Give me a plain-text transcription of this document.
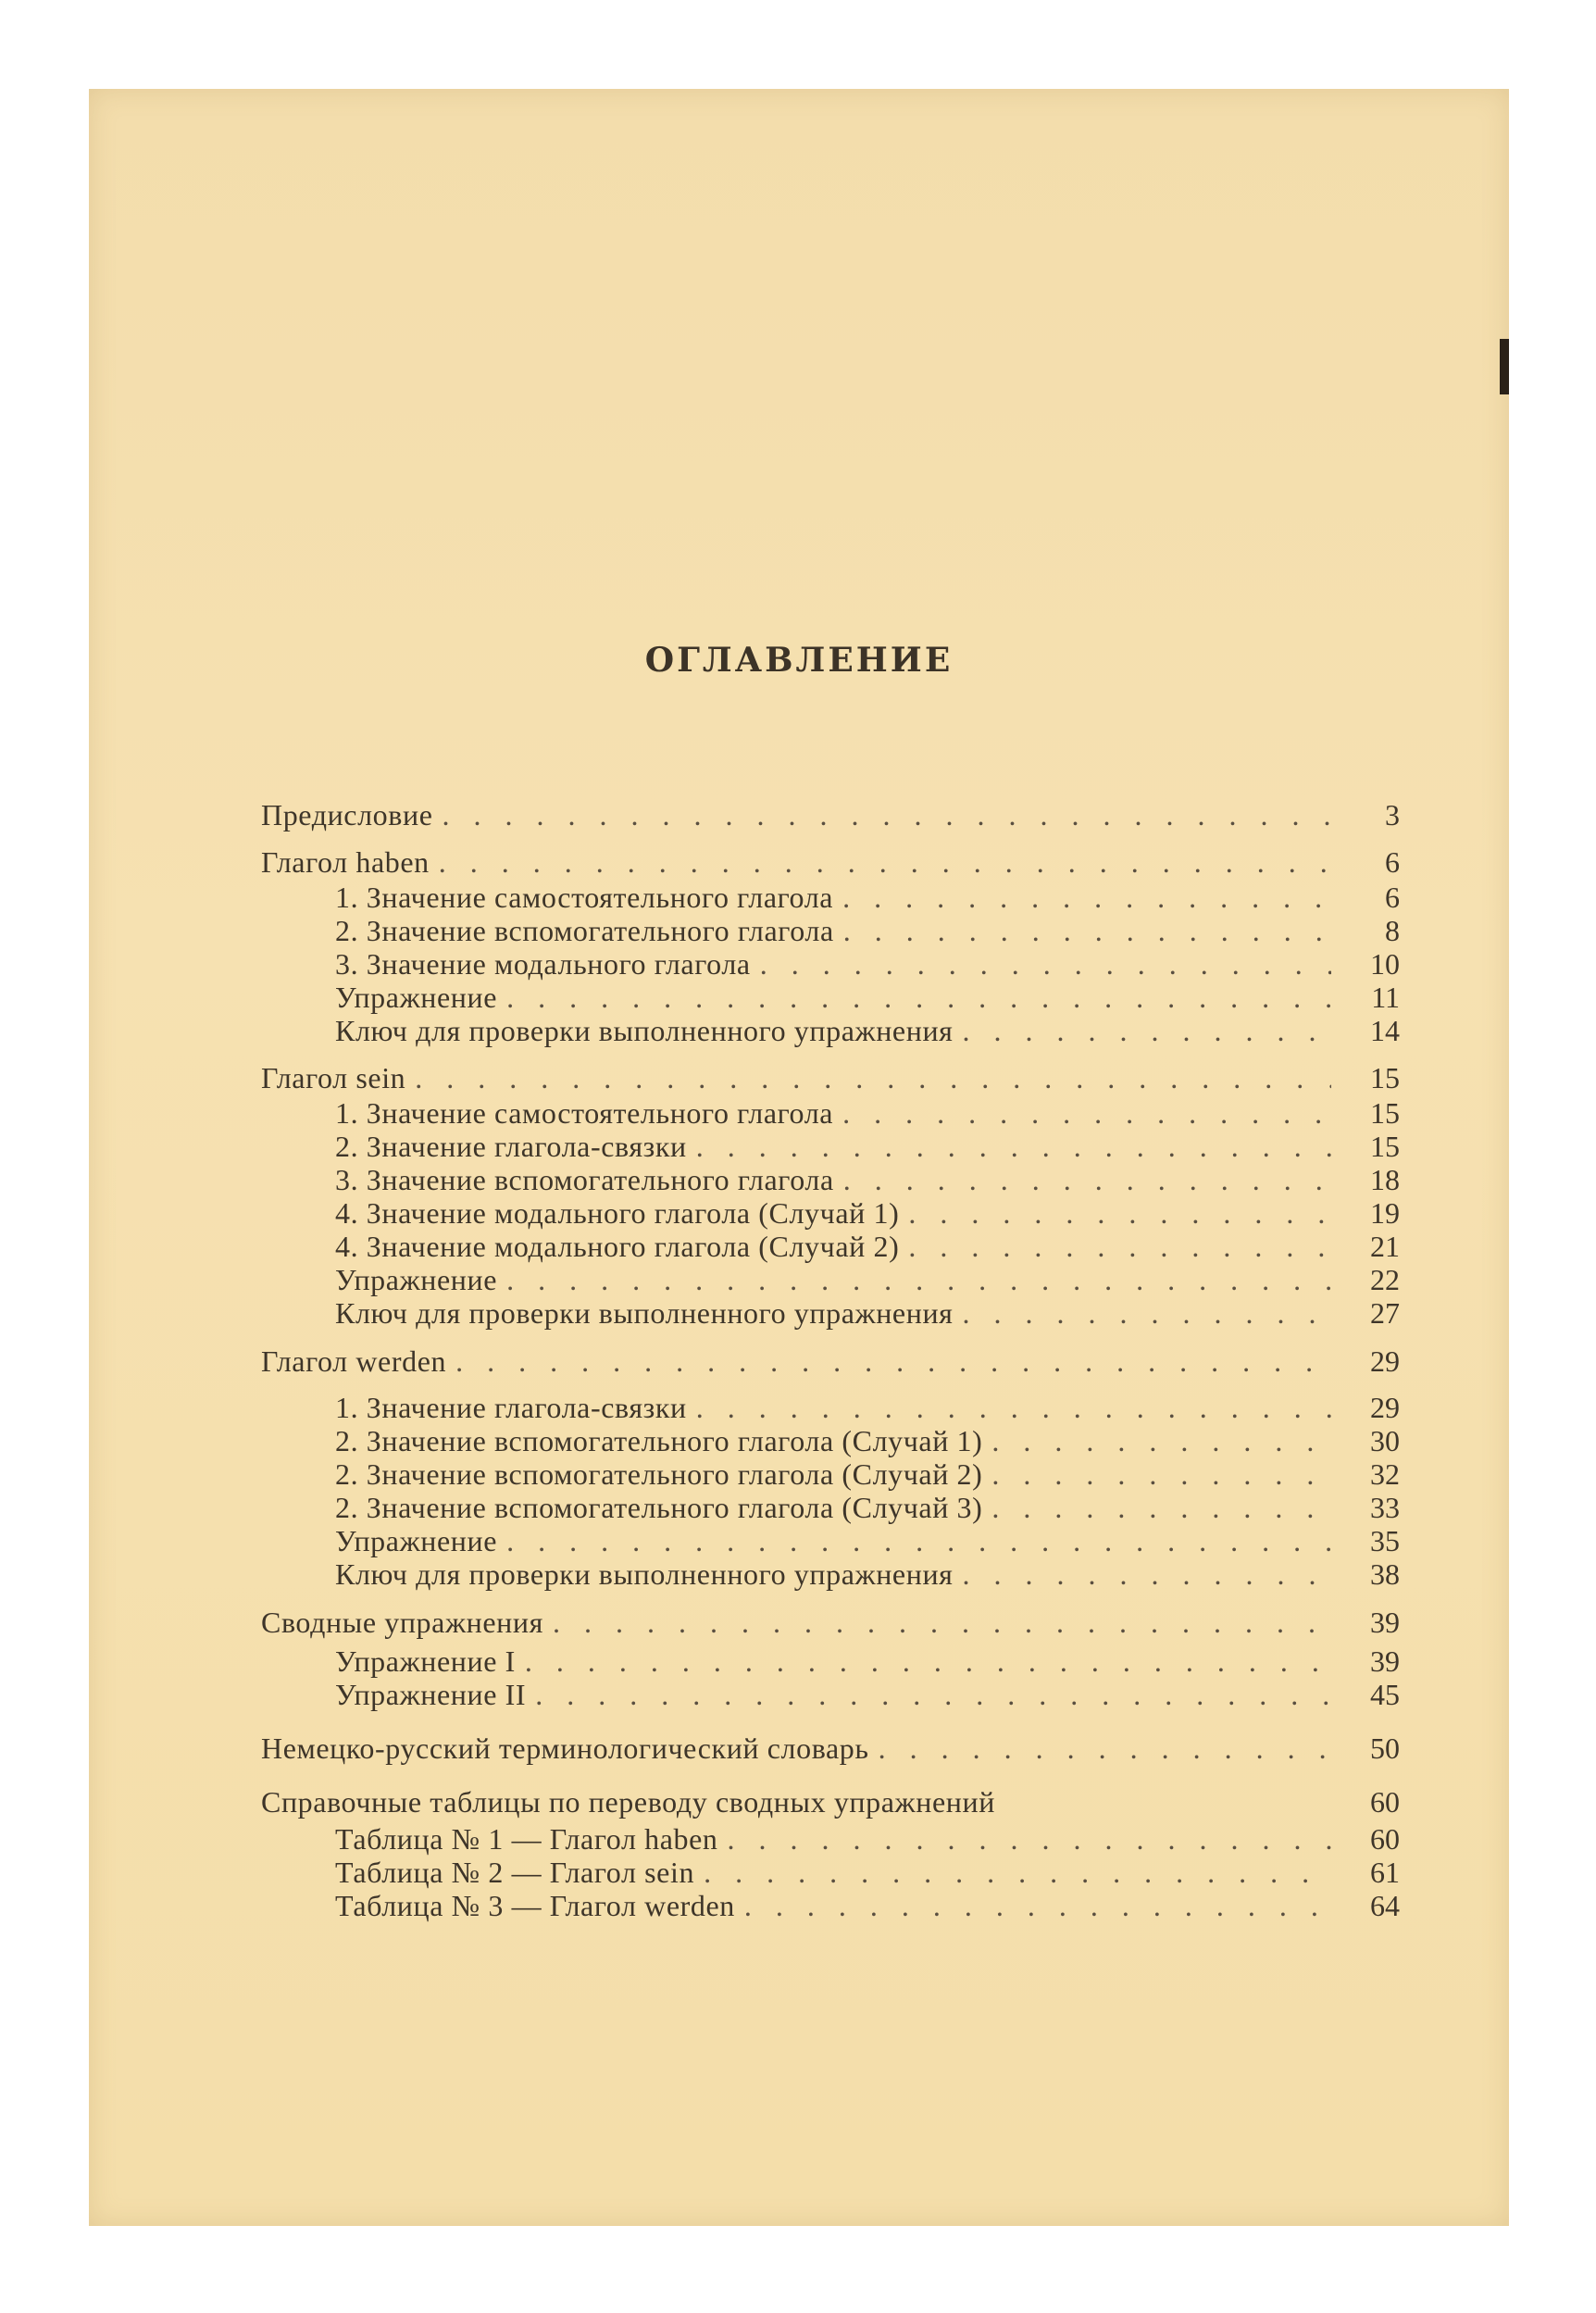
ОГЛАВЛЕНИЕ
Предисловие . . .	3
Глагол haben . . .	6
1. Значение самостоятельного глагола . . .	6
2. Значение вспомогательного глагола . . .	8
3. Значение модального глагола . . .	10
Упражнение . . .	11
Ключ для проверки выполненного упражнения . . .	14
Глагол sein . . .	15
1. Значение самостоятельного глагола . . .	15
2. Значение глагола-связки . . .	15
3. Значение вспомогательного глагола . . .	18
4. Значение модального глагола (Случай 1) . . .	19
4. Значение модального глагола (Случай 2) . . .	21
Упражнение . . .	22
Ключ для проверки выполненного упражнения . . .	27
Глагол werden . . .	29
1. Значение глагола-связки . . .	29
2. Значение вспомогательного глагола (Случай 1) . . .	30
2. Значение вспомогательного глагола (Случай 2) . . .	32
2. Значение вспомогательного глагола (Случай 3) . . .	33
Упражнение . . .	35
Ключ для проверки выполненного упражнения . . .	38
Сводные упражнения . . .	39
Упражнение I . . .	39
Упражнение II . . .	45
Немецко-русский терминологический словарь . . .	50
Справочные таблицы по переводу сводных упражнений	60
Таблица № 1 — Глагол haben . . .	60
Таблица № 2 — Глагол sein . . .	61
Таблица № 3 — Глагол werden . . .	64
